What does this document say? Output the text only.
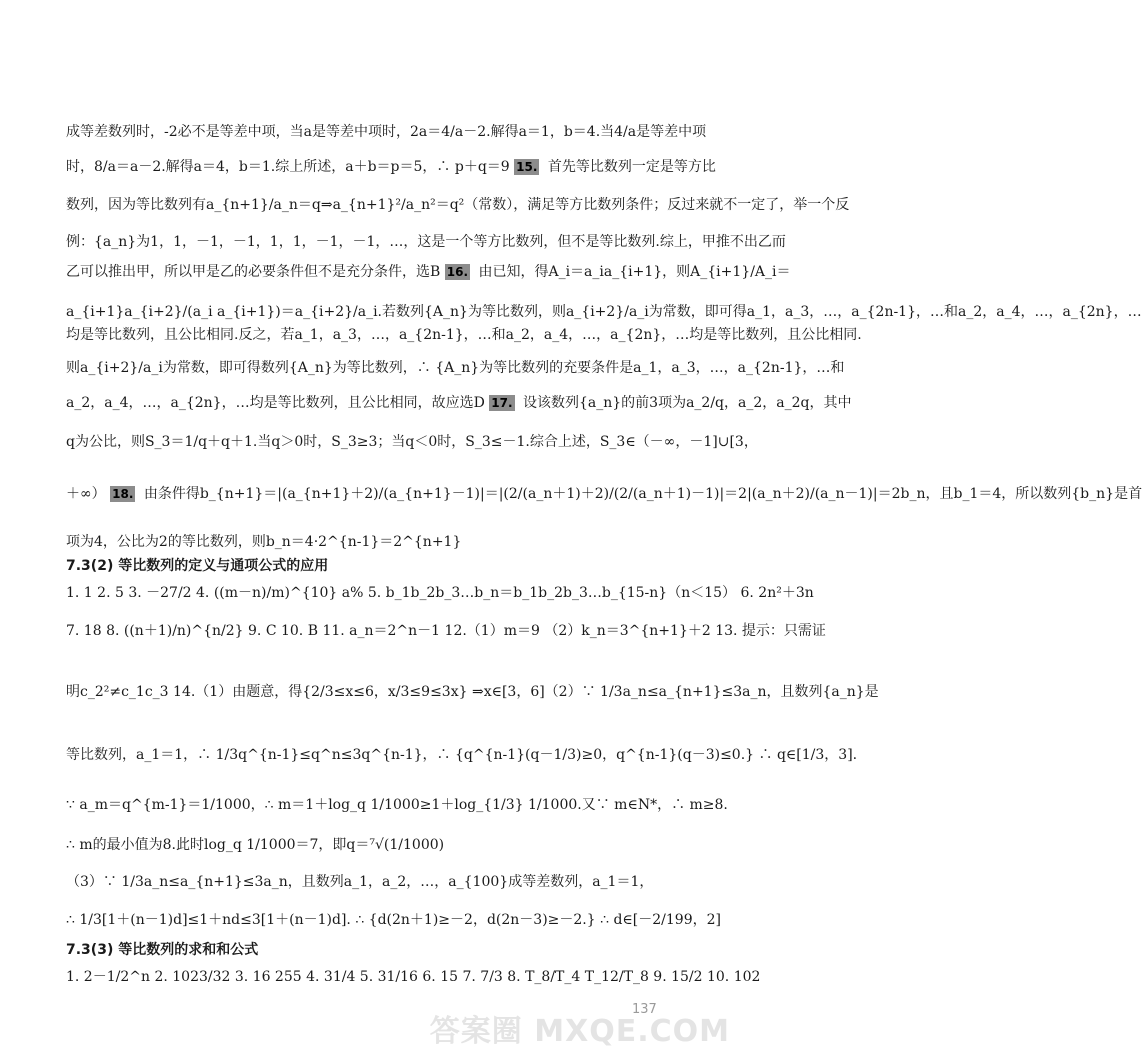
成等差数列时，-2必不是等差中项，当a是等差中项时，2a＝4/a－2.解得a＝1，b＝4.当4/a是等差中项
时，8/a＝a－2.解得a＝4，b＝1.综上所述，a＋b＝p＝5，∴ p＋q＝9 15. 首先等比数列一定是等方比
数列，因为等比数列有a_{n+1}/a_n＝q⇒a_{n+1}²/a_n²＝q²（常数），满足等方比数列条件；反过来就不一定了，举一个反
例：{a_n}为1，1，－1，－1，1，1，－1，－1，…，这是一个等方比数列，但不是等比数列.综上，甲推不出乙而
乙可以推出甲，所以甲是乙的必要条件但不是充分条件，选B 16. 由已知，得A_i＝a_ia_{i+1}，则A_{i+1}/A_i＝
a_{i+1}a_{i+2}/(a_i a_{i+1})＝a_{i+2}/a_i.若数列{A_n}为等比数列，则a_{i+2}/a_i为常数，即可得a_1，a_3，…，a_{2n-1}，…和a_2，a_4，…，a_{2n}，…
均是等比数列，且公比相同.反之，若a_1，a_3，…，a_{2n-1}，…和a_2，a_4，…，a_{2n}，…均是等比数列，且公比相同.
则a_{i+2}/a_i为常数，即可得数列{A_n}为等比数列，∴ {A_n}为等比数列的充要条件是a_1，a_3，…，a_{2n-1}，…和
a_2，a_4，…，a_{2n}，…均是等比数列，且公比相同，故应选D 17. 设该数列{a_n}的前3项为a_2/q，a_2，a_2q，其中
q为公比，则S_3＝1/q＋q＋1.当q＞0时，S_3≥3；当q＜0时，S_3≤－1.综合上述，S_3∈（－∞，－1]∪[3，
＋∞） 18. 由条件得b_{n+1}＝|(a_{n+1}＋2)/(a_{n+1}－1)|＝|(2/(a_n＋1)＋2)/(2/(a_n＋1)－1)|＝2|(a_n＋2)/(a_n－1)|＝2b_n，且b_1＝4，所以数列{b_n}是首
项为4，公比为2的等比数列，则b_n＝4·2^{n-1}＝2^{n+1}
7.3(2) 等比数列的定义与通项公式的应用
1. 1 2. 5 3. －27/2 4. ((m－n)/m)^{10} a% 5. b_1b_2b_3…b_n＝b_1b_2b_3…b_{15-n}（n＜15） 6. 2n²＋3n
7. 18 8. ((n＋1)/n)^{n/2} 9. C 10. B 11. a_n＝2^n－1 12.（1）m＝9 （2）k_n＝3^{n+1}＋2 13. 提示：只需证
明c_2²≠c_1c_3 14.（1）由题意，得{2/3≤x≤6，x/3≤9≤3x} ⇒x∈[3，6]（2）∵ 1/3a_n≤a_{n+1}≤3a_n，且数列{a_n}是
等比数列，a_1＝1，∴ 1/3q^{n-1}≤q^n≤3q^{n-1}，∴ {q^{n-1}(q－1/3)≥0，q^{n-1}(q－3)≤0.} ∴ q∈[1/3，3].
∵ a_m＝q^{m-1}＝1/1000，∴ m＝1＋log_q 1/1000≥1＋log_{1/3} 1/1000.又∵ m∈N*，∴ m≥8.
∴ m的最小值为8.此时log_q 1/1000＝7，即q＝⁷√(1/1000)
（3）∵ 1/3a_n≤a_{n+1}≤3a_n，且数列a_1，a_2，…，a_{100}成等差数列，a_1＝1，
∴ 1/3[1＋(n－1)d]≤1＋nd≤3[1＋(n－1)d]. ∴ {d(2n＋1)≥－2，d(2n－3)≥－2.} ∴ d∈[－2/199，2]
7.3(3) 等比数列的求和和公式
1. 2－1/2^n 2. 1023/32 3. 16 255 4. 31/4 5. 31/16 6. 15 7. 7/3 8. T_8/T_4 T_12/T_8 9. 15/2 10. 102
137
答案圈 MXQE.COM
